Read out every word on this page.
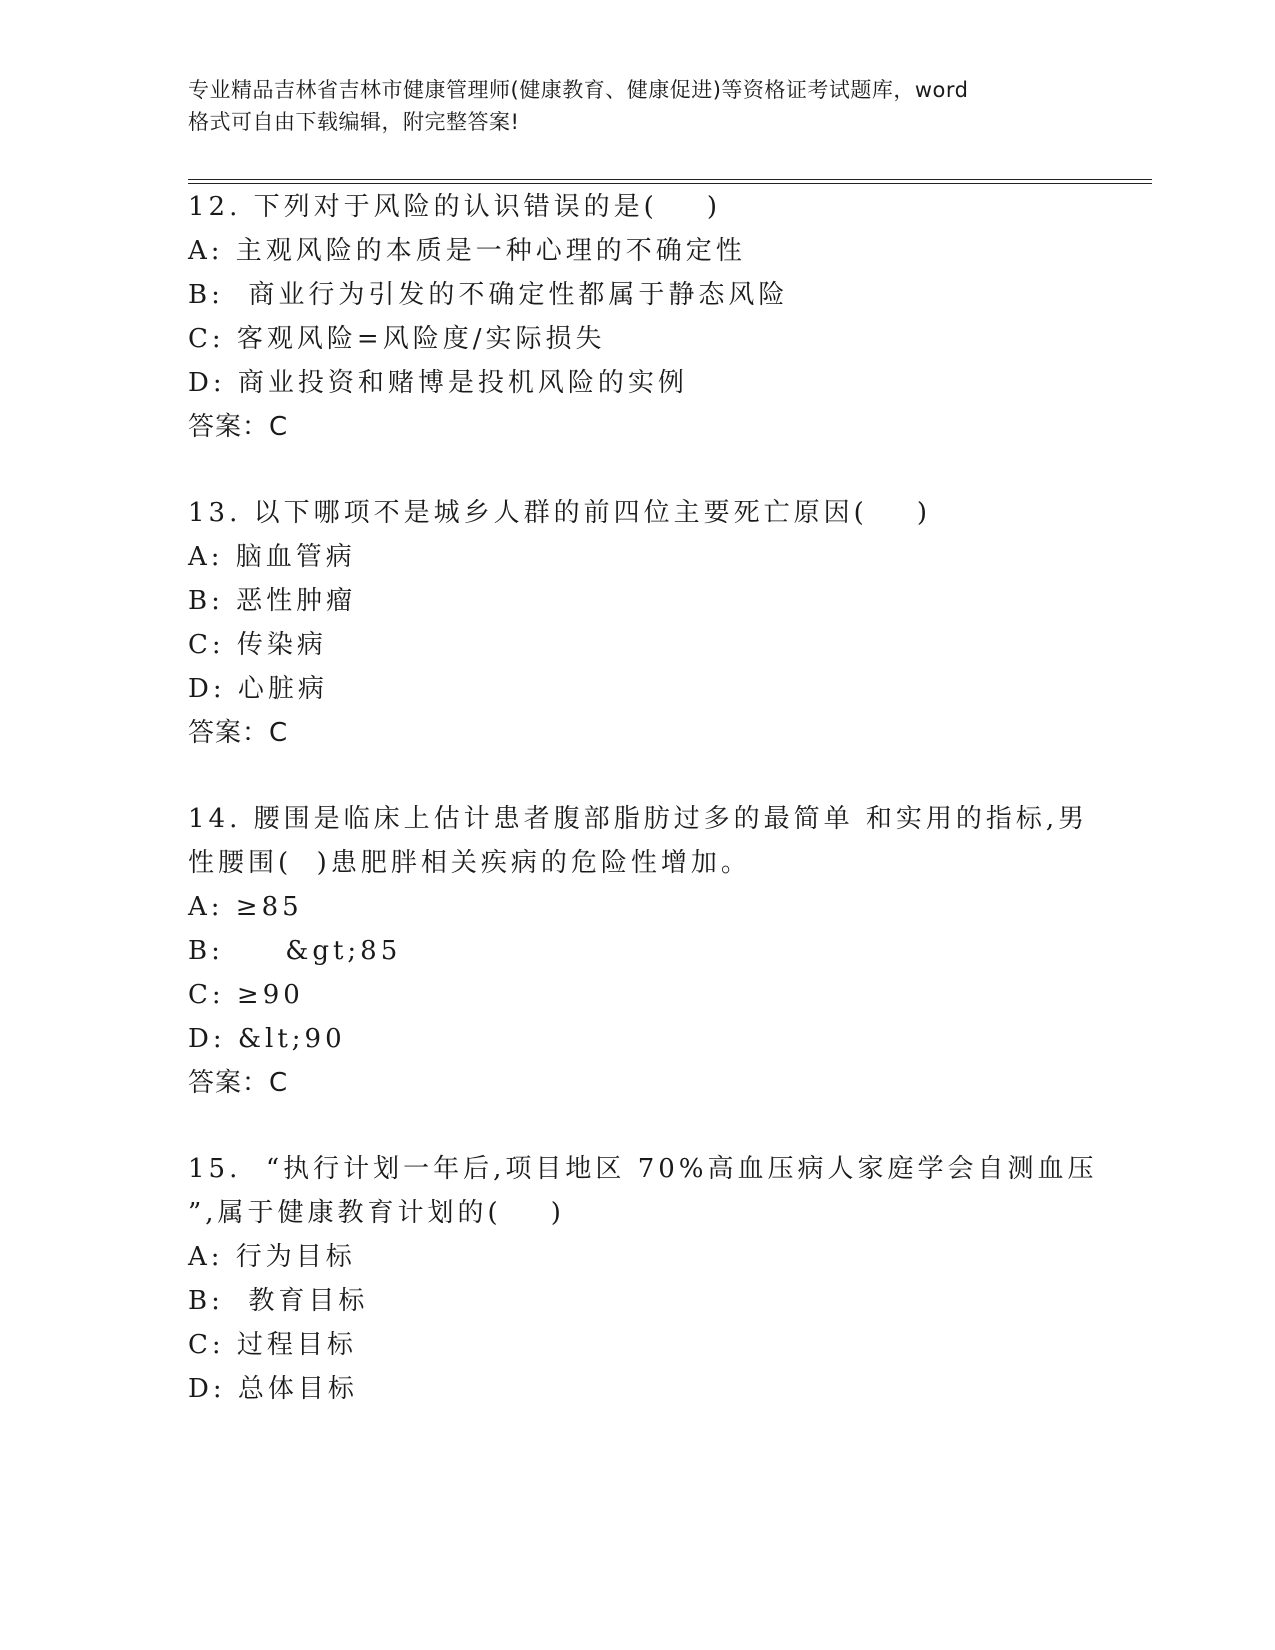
专业精品吉林省吉林市健康管理师(健康教育、健康促进)等资格证考试题库，word
格式可自由下载编辑，附完整答案!
12. 下列对于风险的认识错误的是(    )
A: 主观风险的本质是一种心理的不确定性
B:  商业行为引发的不确定性都属于静态风险
C: 客观风险=风险度/实际损失
D: 商业投资和赌博是投机风险的实例
答案：C
13. 以下哪项不是城乡人群的前四位主要死亡原因(    )
A: 脑血管病
B: 恶性肿瘤
C: 传染病
D: 心脏病
答案：C
14. 腰围是临床上估计患者腹部脂肪过多的最简单 和实用的指标,男
性腰围(  )患肥胖相关疾病的危险性增加。
A: ≥85
B:     &gt;85
C: ≥90
D: &lt;90
答案：C
15.  “执行计划一年后,项目地区 70%高血压病人家庭学会自测血压
”,属于健康教育计划的(    )
A: 行为目标
B:  教育目标
C: 过程目标
D: 总体目标
